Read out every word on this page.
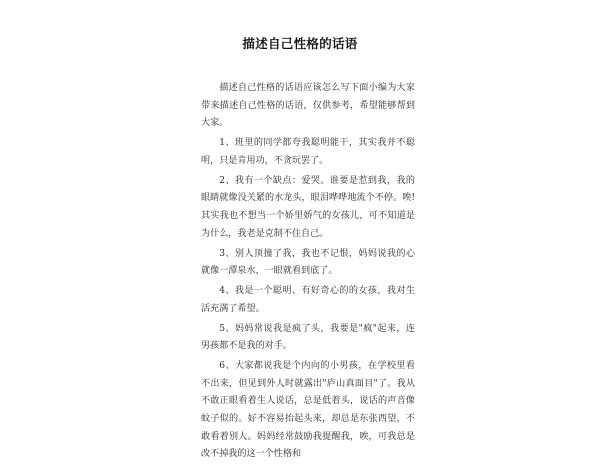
描述自己性格的话语

描述自己性格的话语应该怎么写下面小编为大家带来描述自己性格的话语，仅供参考，希望能够帮到大家。

1、班里的同学都夸我聪明能干，其实我并不聪明，只是肯用功，不贪玩罢了。

2、我有一个缺点：爱哭。谁要是惹到我，我的眼睛就像没关紧的水龙头，眼泪哗哗地流个不停。唉!其实我也不想当一个娇里娇气的女孩儿，可不知道是为什么，我老是克制不住自己。

3、别人顶撞了我，我也不记恨，妈妈说我的心就像一潭泉水，一眼就看到底了。

4、我是一个聪明、有好奇心的的女孩，我对生活充满了希望。

5、妈妈常说我是疯了头，我要是"疯"起来，连男孩都不是我的对手。

6、大家都说我是个内向的小男孩，在学校里看不出来，但见到外人时就露出"庐山真面目"了。我从不敢正眼看着生人说话，总是低着头，说话的声音像蚊子似的。好不容易抬起头来，却总是东张西望，不敢看着别人。妈妈经常鼓励我提醒我，唉，可我总是改不掉我的这一个性格和
